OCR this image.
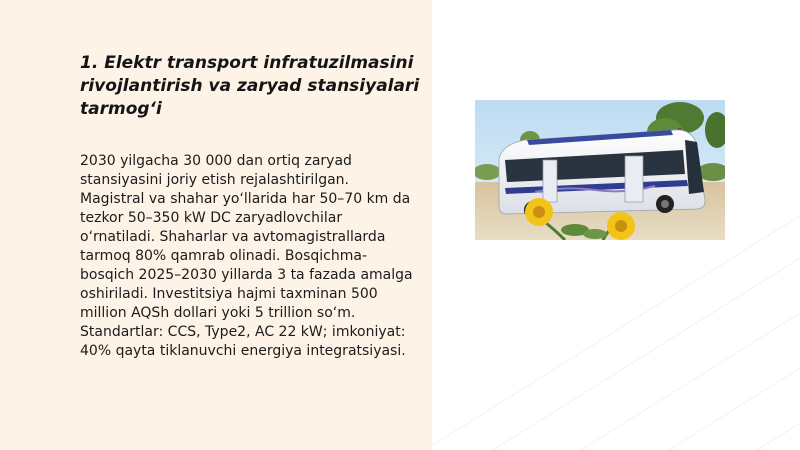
1. Elektr transport infratuzilmasini rivojlantirish va zaryad stansiyalari tarmog‘i

2030 yilgacha 30 000 dan ortiq zaryad stansiyasini joriy etish rejalashtirilgan. Magistral va shahar yo‘llarida har 50–70 km da tezkor 50–350 kW DC zaryadlovchilar o‘rnatiladi. Shaharlar va avtomagistrallarda tarmoq 80% qamrab olinadi. Bosqichma-bosqich 2025–2030 yillarda 3 ta fazada amalga oshiriladi. Investitsiya hajmi taxminan 500 million AQSh dollari yoki 5 trillion so‘m. Standartlar: CCS, Type2, AC 22 kW; imkoniyat: 40% qayta tiklanuvchi energiya integratsiyasi.
